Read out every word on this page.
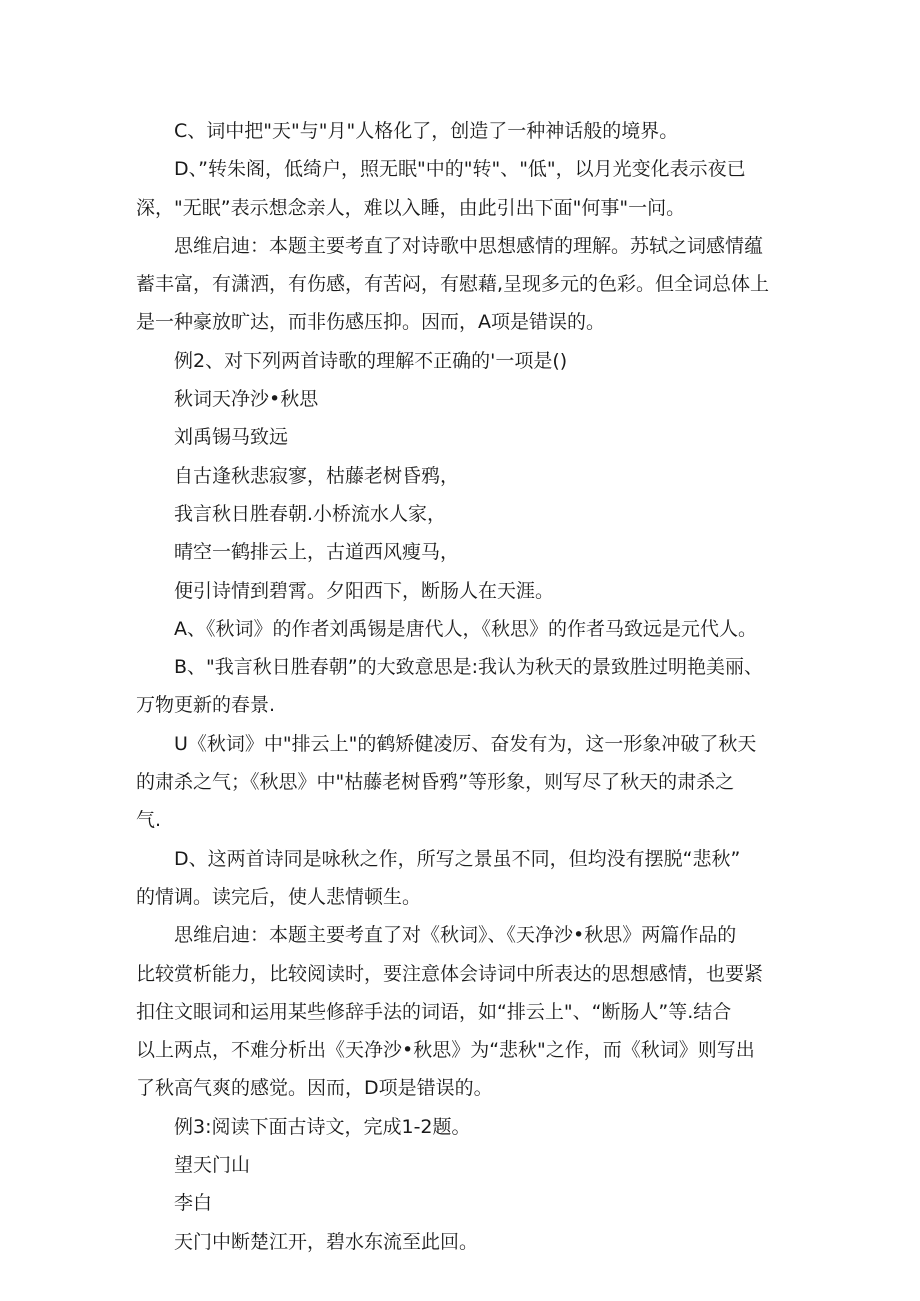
C、词中把"天"与"月"人格化了，创造了一种神话般的境界。
D、”转朱阁，低绮户，照无眠"中的"转"、"低"，以月光变化表示夜已
深，"无眠”表示想念亲人，难以入睡，由此引出下面"何事"一问。
思维启迪：本题主要考直了对诗歌中思想感情的理解。苏轼之词感情蕴
蓄丰富，有潇洒，有伤感，有苦闷，有慰藉,呈现多元的色彩。但全词总体上
是一种豪放旷达，而非伤感压抑。因而，A项是错误的。
例2、对下列两首诗歌的理解不正确的'一项是()
秋词天净沙•秋思
刘禹锡马致远
自古逢秋悲寂寥，枯藤老树昏鸦，
我言秋日胜春朝.小桥流水人家，
晴空一鹤排云上，古道西风瘦马，
便引诗情到碧霄。夕阳西下，断肠人在天涯。
A、《秋词》的作者刘禹锡是唐代人，《秋思》的作者马致远是元代人。
B、"我言秋日胜春朝”的大致意思是:我认为秋天的景致胜过明艳美丽、
万物更新的春景.
U《秋词》中"排云上"的鹤矫健凌厉、奋发有为，这一形象冲破了秋天
的肃杀之气；《秋思》中"枯藤老树昏鸦”等形象，则写尽了秋天的肃杀之
气.
D、这两首诗同是咏秋之作，所写之景虽不同，但均没有摆脱“悲秋”
的情调。读完后，使人悲情顿生。
思维启迪：本题主要考直了对《秋词》、《天净沙•秋思》两篇作品的
比较赏析能力，比较阅读时，要注意体会诗词中所表达的思想感情，也要紧
扣住文眼词和运用某些修辞手法的词语，如“排云上"、“断肠人”等.结合
以上两点，不难分析出《天净沙•秋思》为“悲秋"之作，而《秋词》则写出
了秋高气爽的感觉。因而，D项是错误的。
例3:阅读下面古诗文，完成1-2题。
望天门山
李白
天门中断楚江开，碧水东流至此回。
